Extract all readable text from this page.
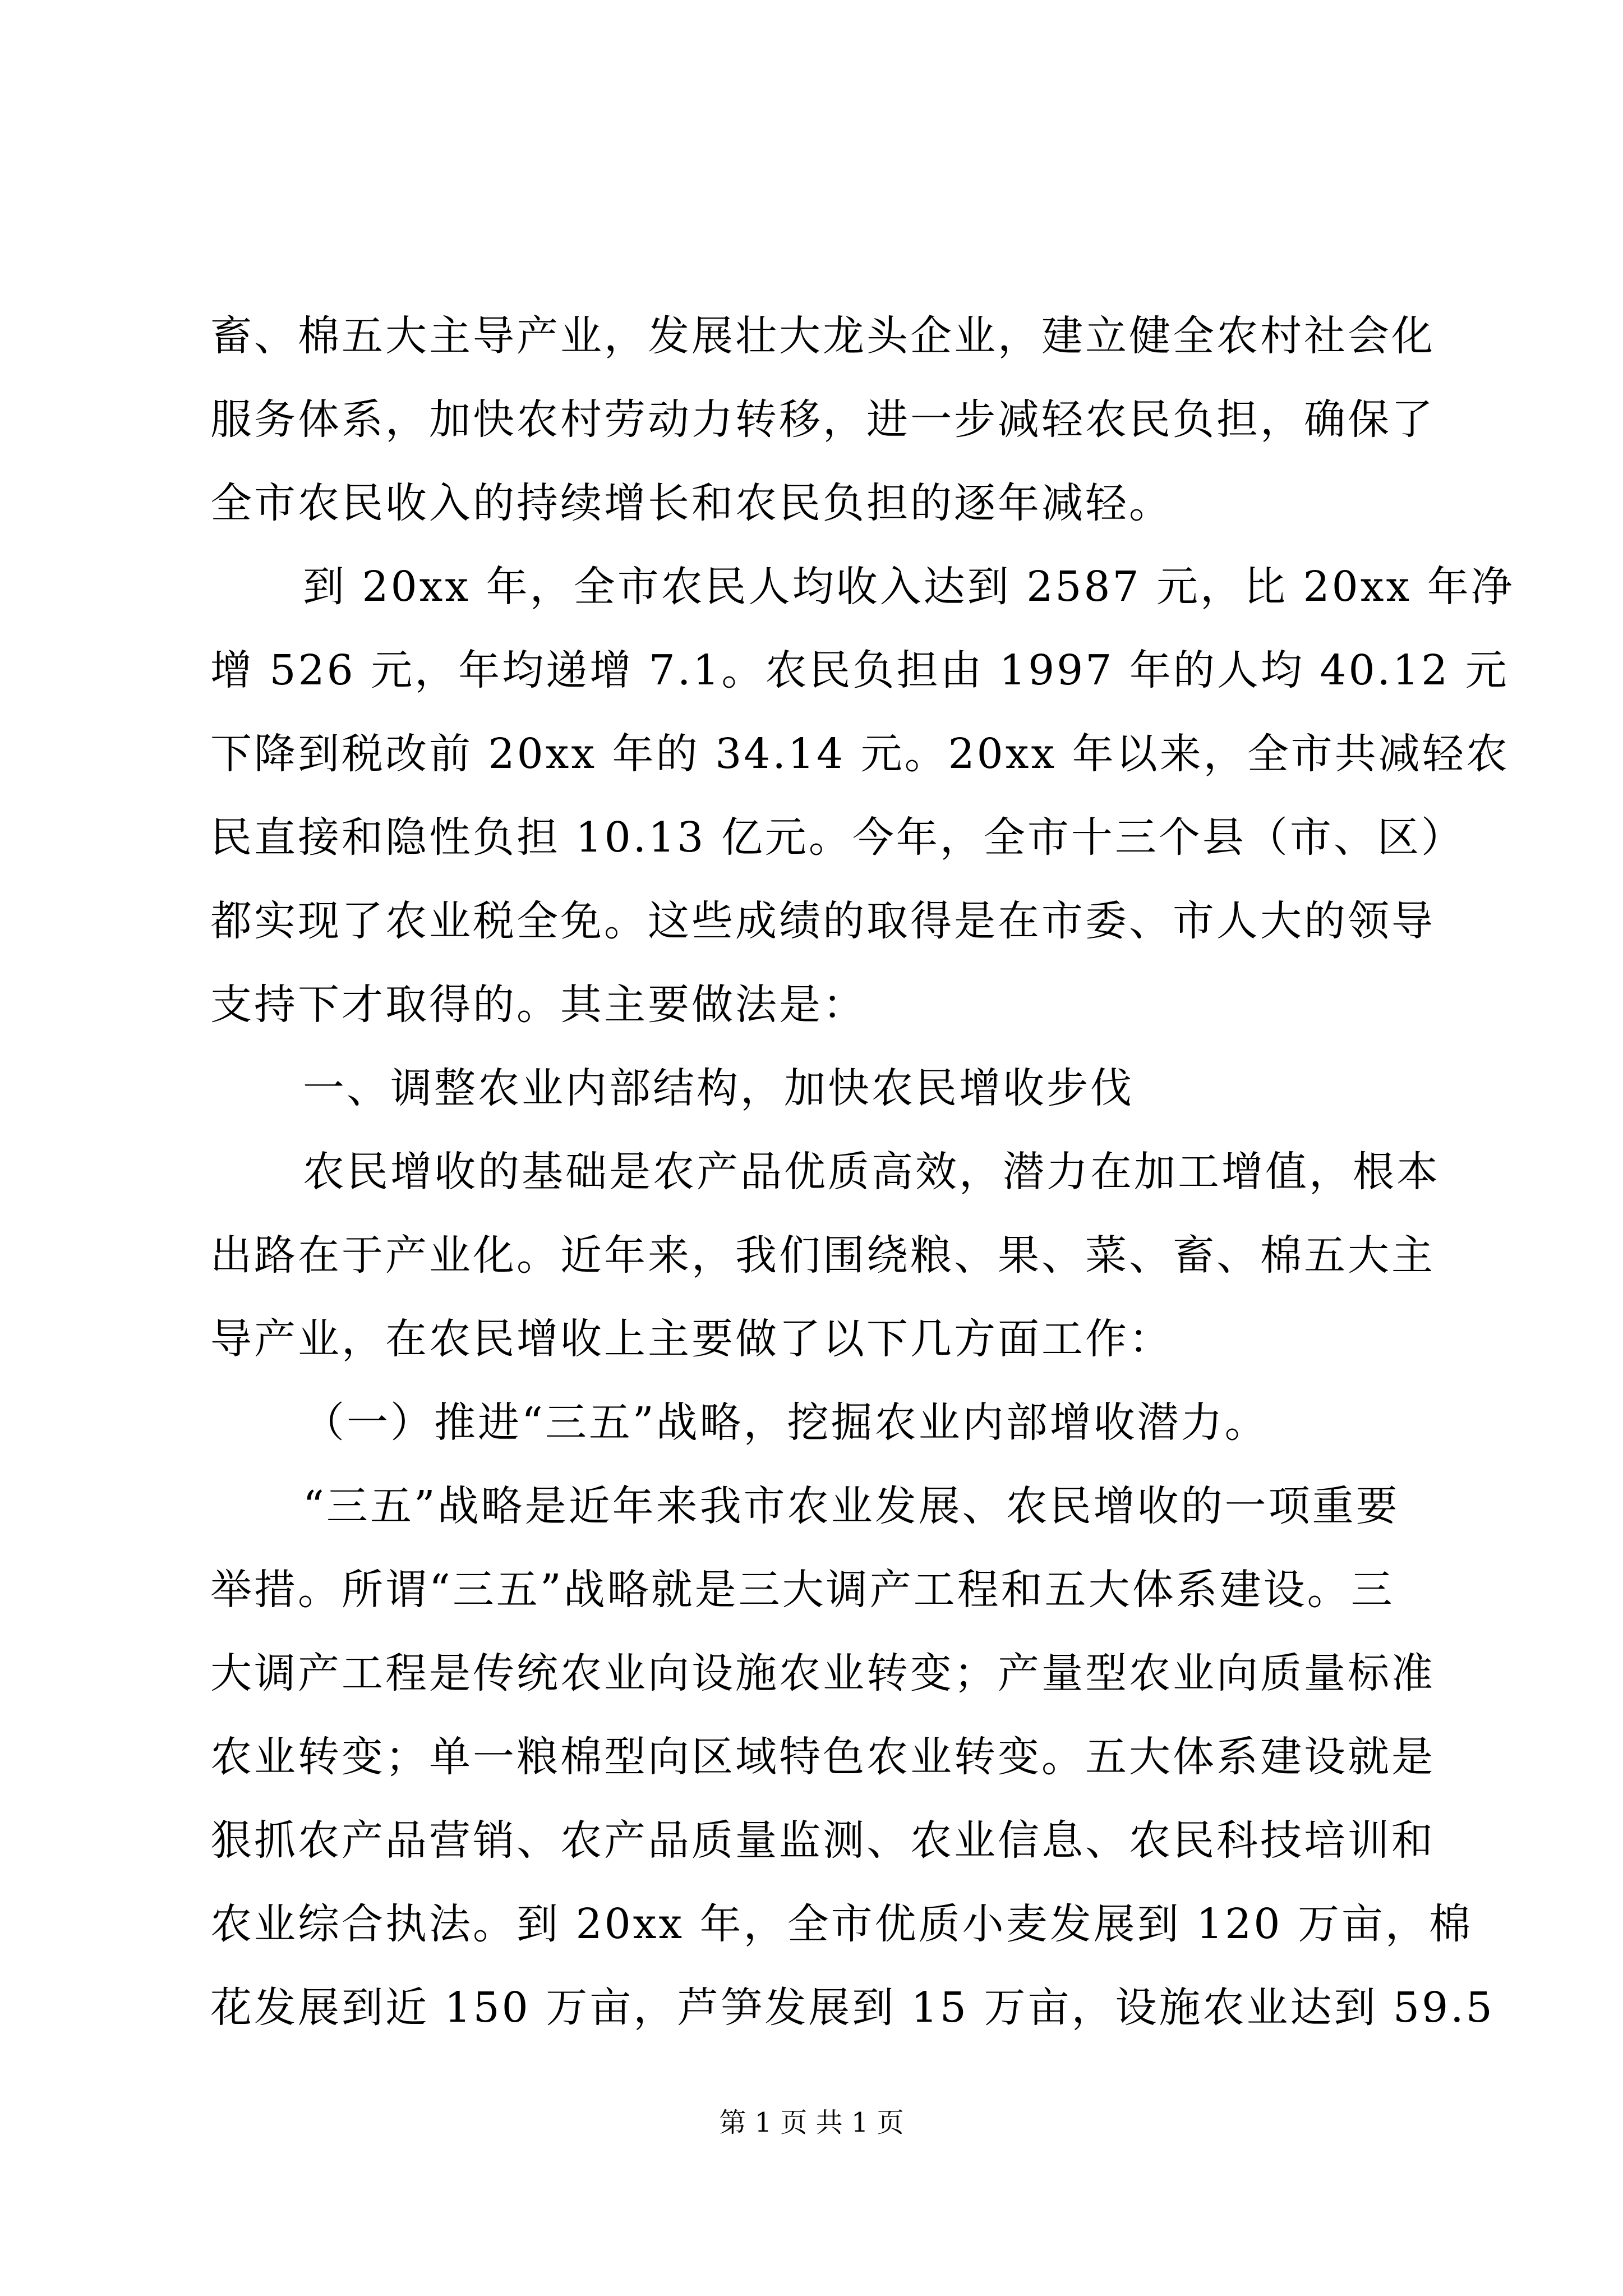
畜、棉五大主导产业，发展壮大龙头企业，建立健全农村社会化
服务体系，加快农村劳动力转移，进一步减轻农民负担，确保了
全市农民收入的持续增长和农民负担的逐年减轻。
到 20xx 年，全市农民人均收入达到 2587 元，比 20xx 年净
增 526 元，年均递增 7.1。农民负担由 1997 年的人均 40.12 元
下降到税改前 20xx 年的 34.14 元。20xx 年以来，全市共减轻农
民直接和隐性负担 10.13 亿元。今年，全市十三个县（市、区）
都实现了农业税全免。这些成绩的取得是在市委、市人大的领导
支持下才取得的。其主要做法是：
一、调整农业内部结构，加快农民增收步伐
农民增收的基础是农产品优质高效，潜力在加工增值，根本
出路在于产业化。近年来，我们围绕粮、果、菜、畜、棉五大主
导产业，在农民增收上主要做了以下几方面工作：
（一）推进“三五”战略，挖掘农业内部增收潜力。
“三五”战略是近年来我市农业发展、农民增收的一项重要
举措。所谓“三五”战略就是三大调产工程和五大体系建设。三
大调产工程是传统农业向设施农业转变；产量型农业向质量标准
农业转变；单一粮棉型向区域特色农业转变。五大体系建设就是
狠抓农产品营销、农产品质量监测、农业信息、农民科技培训和
农业综合执法。到 20xx 年，全市优质小麦发展到 120 万亩，棉
花发展到近 150 万亩，芦笋发展到 15 万亩，设施农业达到 59.5
第 1 页 共 1 页
